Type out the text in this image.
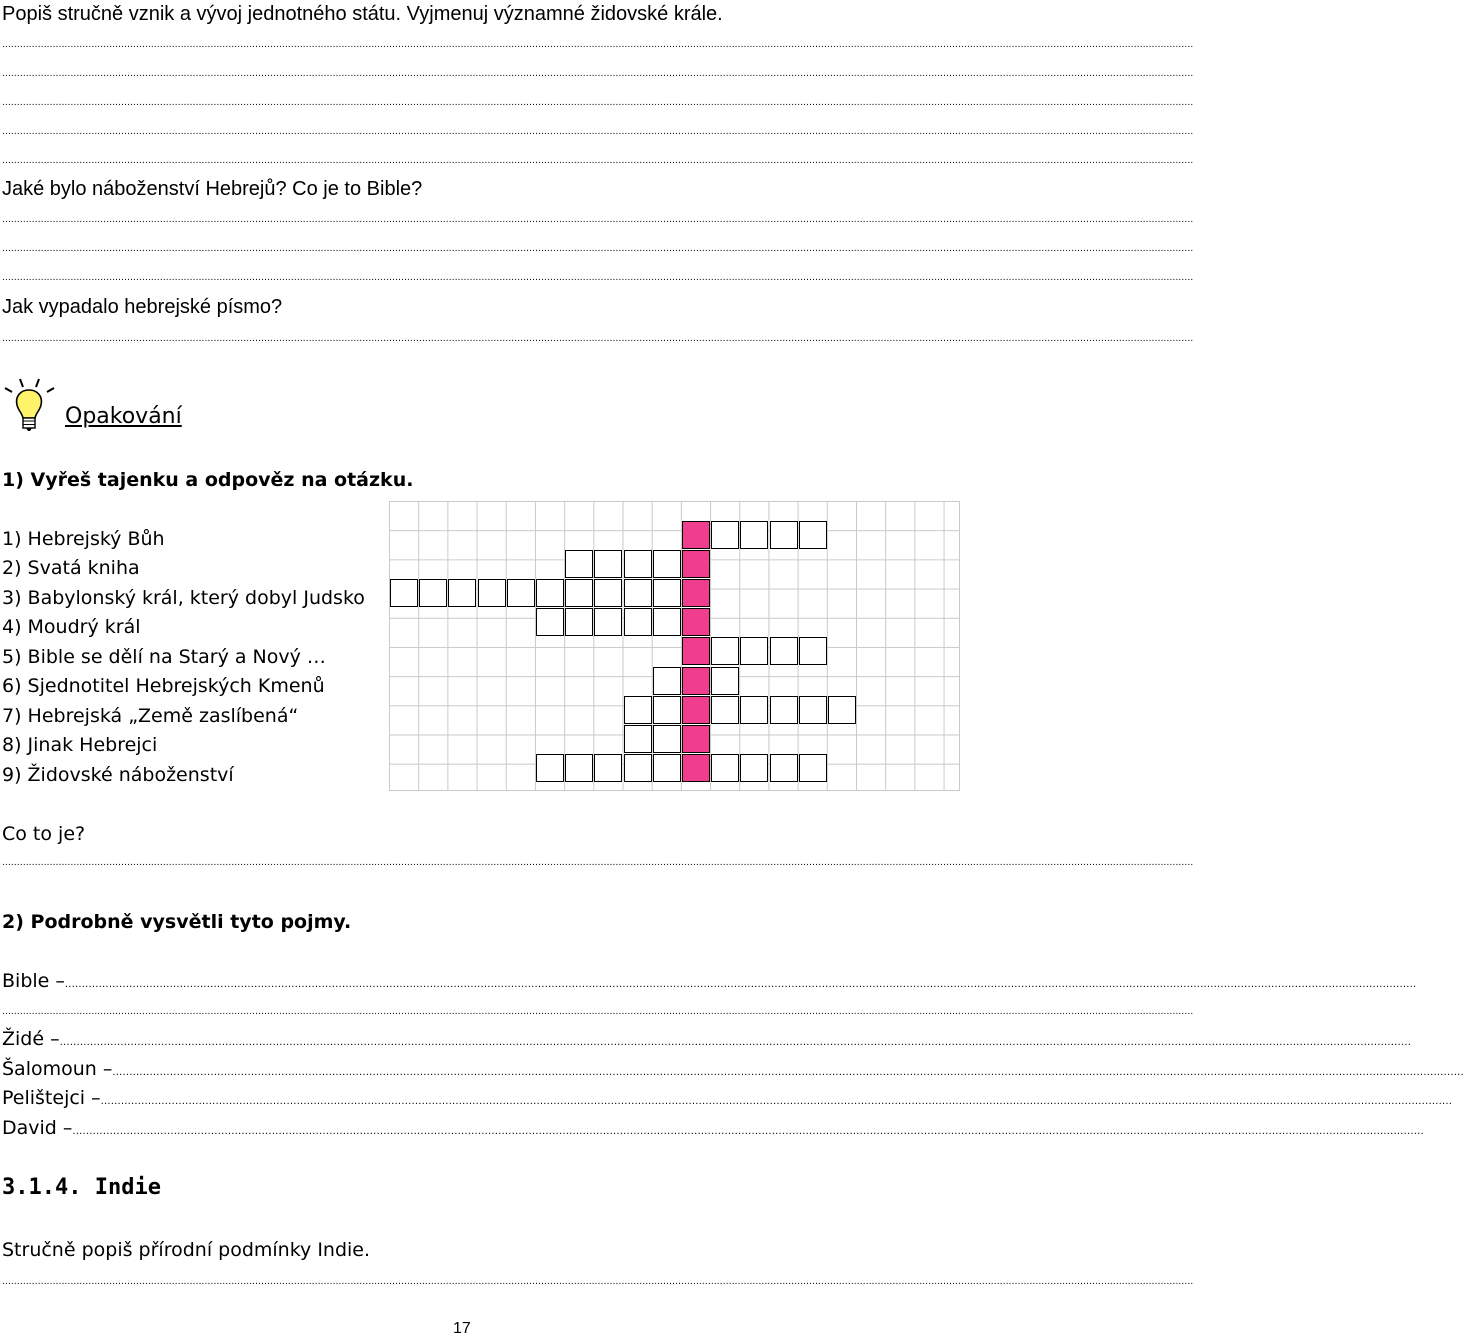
Popiš stručně vznik a vývoj jednotného státu. Vyjmenuj významné židovské krále.
................................................................................................................................................................................................................................................................................................................................................................................................................
................................................................................................................................................................................................................................................................................................................................................................................................................
................................................................................................................................................................................................................................................................................................................................................................................................................
................................................................................................................................................................................................................................................................................................................................................................................................................
................................................................................................................................................................................................................................................................................................................................................................................................................
Jaké bylo náboženství Hebrejů? Co je to Bible?
................................................................................................................................................................................................................................................................................................................................................................................................................
................................................................................................................................................................................................................................................................................................................................................................................................................
................................................................................................................................................................................................................................................................................................................................................................................................................
Jak vypadalo hebrejské písmo?
................................................................................................................................................................................................................................................................................................................................................................................................................
Opakování
1) Vyřeš tajenku a odpověz na otázku.
1) Hebrejský Bůh
2) Svatá kniha
3) Babylonský král, který dobyl Judsko
4) Moudrý král
5) Bible se dělí na Starý a Nový …
6) Sjednotitel Hebrejských Kmenů
7) Hebrejská „Země zaslíbená“
8) Jinak Hebrejci
9) Židovské náboženství
Co to je?
................................................................................................................................................................................................................................................................................................................................................................................................................
2) Podrobně vysvětli tyto pojmy.
Bible –................................................................................................................................................................................................................................................................................................................................................................................................................
................................................................................................................................................................................................................................................................................................................................................................................................................
Židé –................................................................................................................................................................................................................................................................................................................................................................................................................
Šalomoun –................................................................................................................................................................................................................................................................................................................................................................................................................
Pelištejci –................................................................................................................................................................................................................................................................................................................................................................................................................
David –................................................................................................................................................................................................................................................................................................................................................................................................................
3.1.4. Indie
Stručně popiš přírodní podmínky Indie.
................................................................................................................................................................................................................................................................................................................................................................................................................
17
